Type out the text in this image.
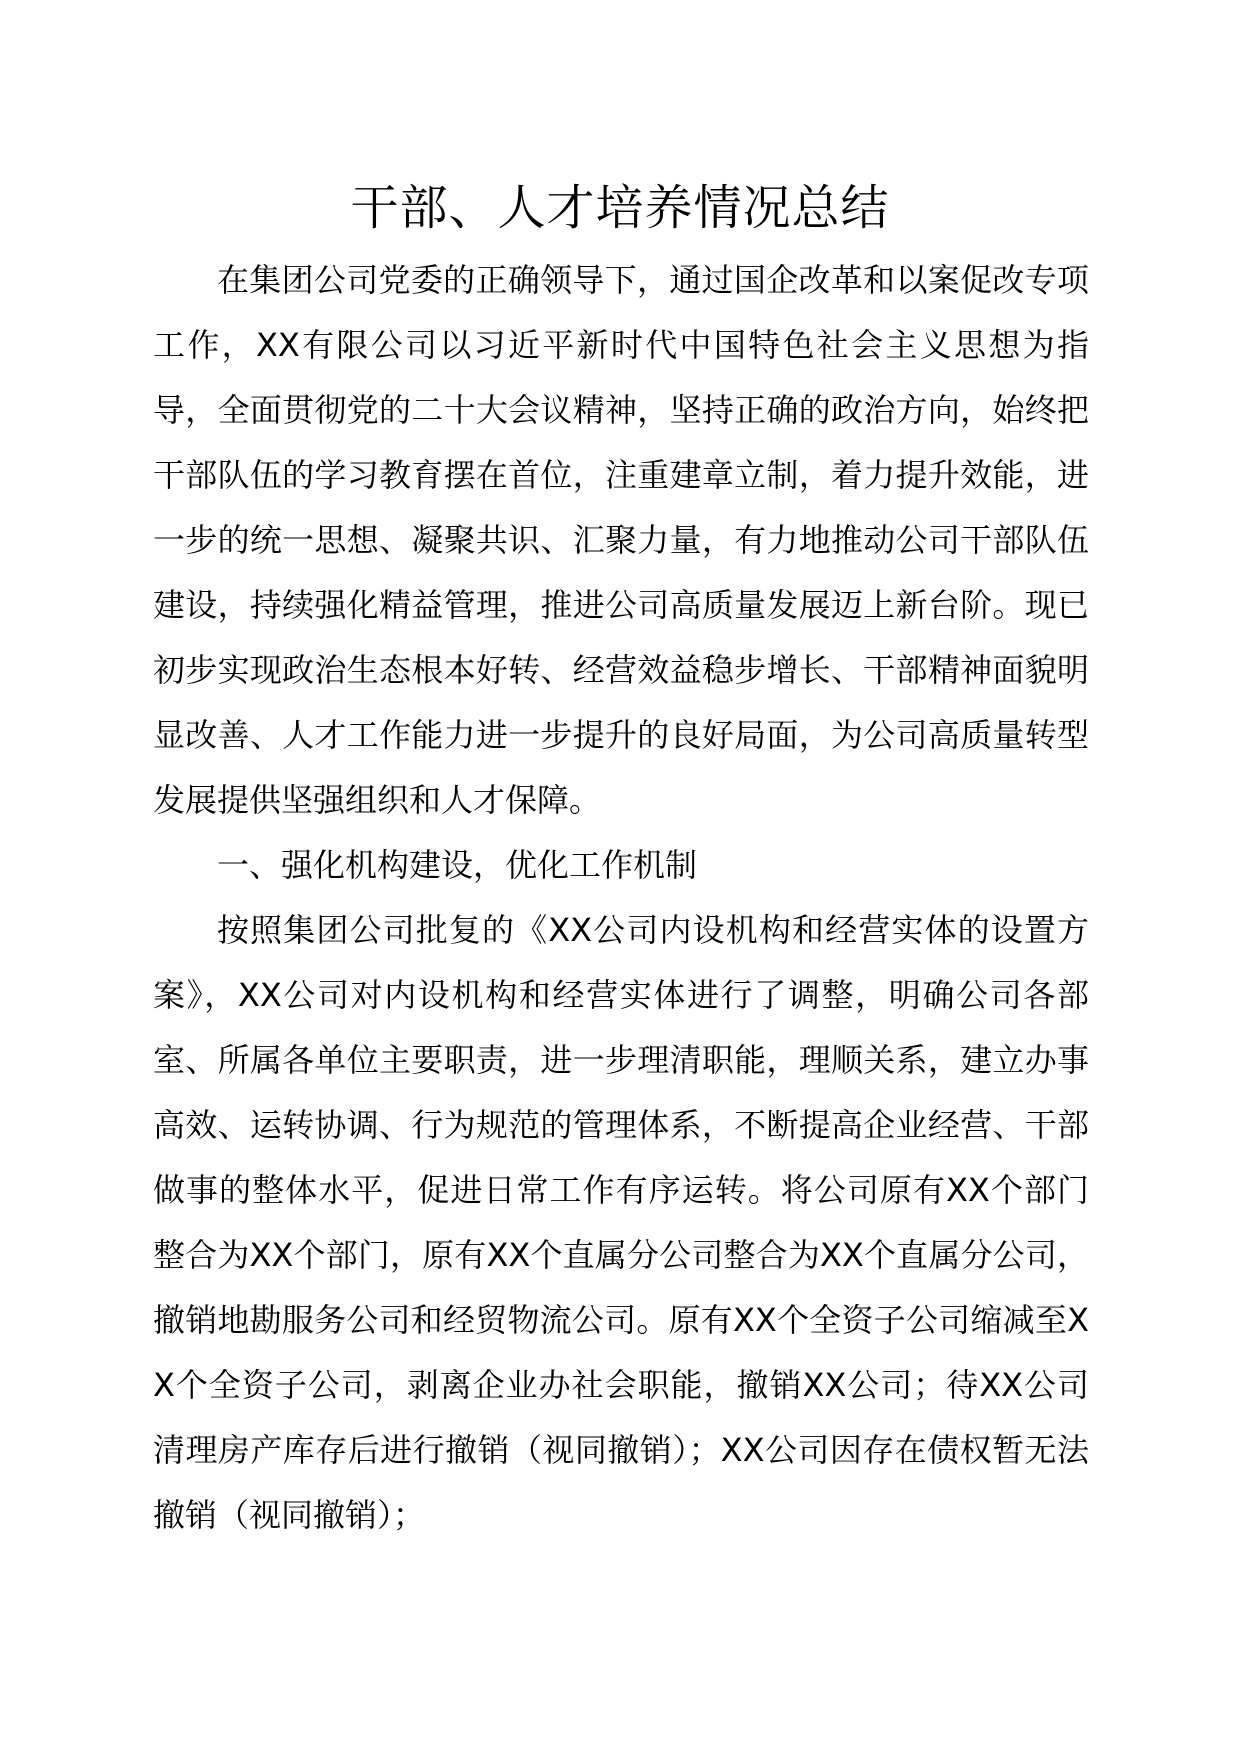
干部、人才培养情况总结

在集团公司党委的正确领导下，通过国企改革和以案促改专项工作，XX有限公司以习近平新时代中国特色社会主义思想为指导，全面贯彻党的二十大会议精神，坚持正确的政治方向，始终把干部队伍的学习教育摆在首位，注重建章立制，着力提升效能，进一步的统一思想、凝聚共识、汇聚力量，有力地推动公司干部队伍建设，持续强化精益管理，推进公司高质量发展迈上新台阶。现已初步实现政治生态根本好转、经营效益稳步增长、干部精神面貌明显改善、人才工作能力进一步提升的良好局面，为公司高质量转型发展提供坚强组织和人才保障。

一、强化机构建设，优化工作机制

按照集团公司批复的《XX公司内设机构和经营实体的设置方案》，XX公司对内设机构和经营实体进行了调整，明确公司各部室、所属各单位主要职责，进一步理清职能，理顺关系，建立办事高效、运转协调、行为规范的管理体系，不断提高企业经营、干部做事的整体水平，促进日常工作有序运转。将公司原有XX个部门整合为XX个部门，原有XX个直属分公司整合为XX个直属分公司，撤销地勘服务公司和经贸物流公司。原有XX个全资子公司缩减至XX个全资子公司，剥离企业办社会职能，撤销XX公司；待XX公司清理房产库存后进行撤销（视同撤销）；XX公司因存在债权暂无法撤销（视同撤销）；
